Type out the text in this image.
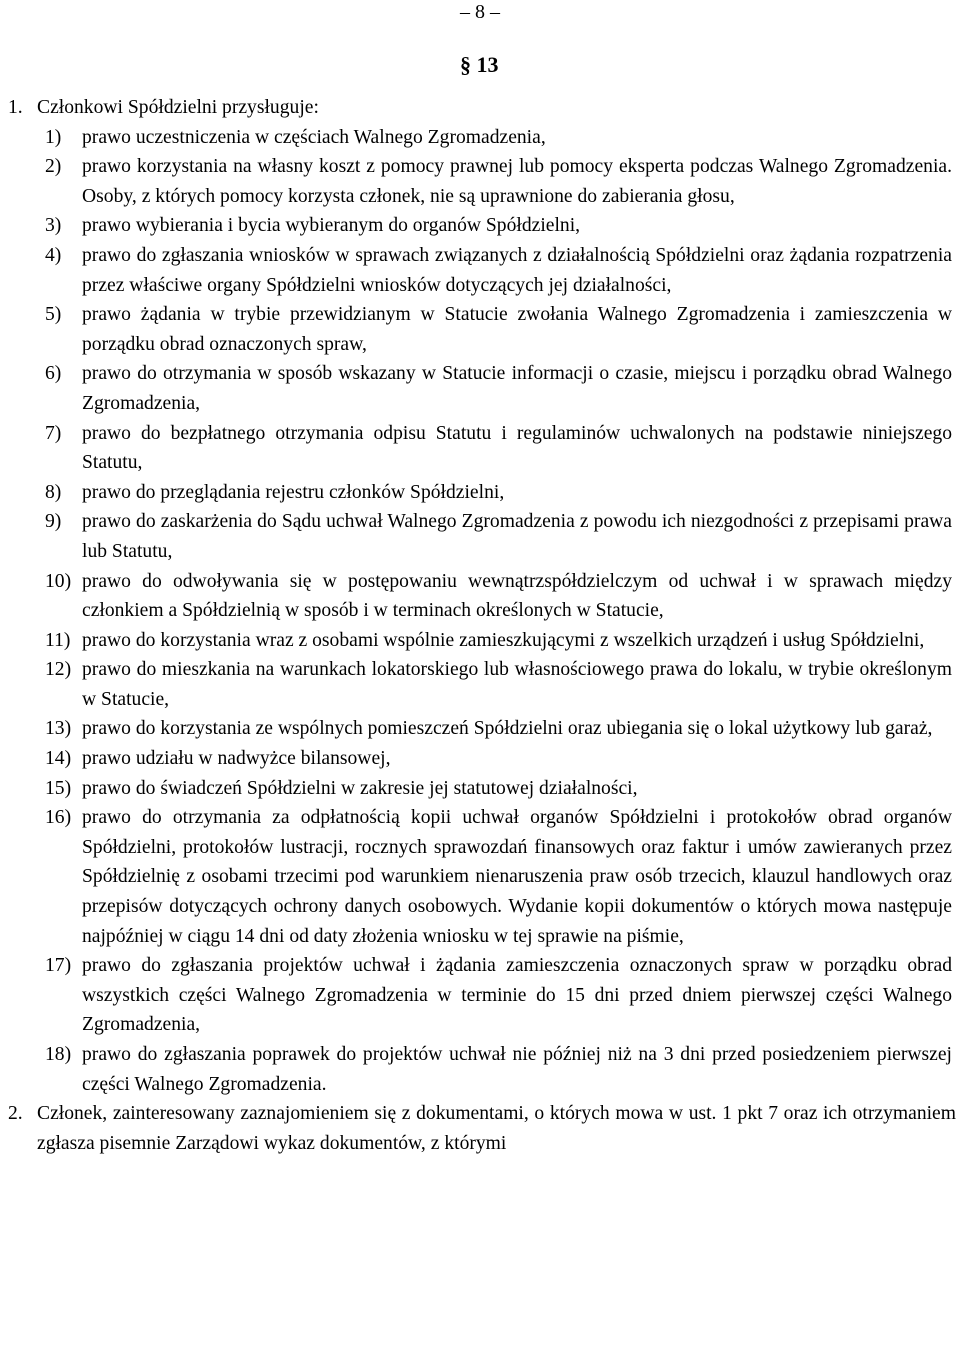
– 8 –
§ 13
1. Członkowi Spółdzielni przysługuje:
1)	prawo uczestniczenia w częściach Walnego Zgromadzenia,
2)	prawo korzystania na własny koszt z pomocy prawnej lub pomocy eksperta podczas Walnego Zgromadzenia. Osoby, z których pomocy korzysta członek, nie są uprawnione do zabierania głosu,
3)	prawo wybierania i bycia wybieranym do organów Spółdzielni,
4)	prawo do zgłaszania wniosków w sprawach związanych z działalnością Spółdzielni oraz żądania rozpatrzenia przez właściwe organy Spółdzielni wniosków dotyczących jej działalności,
5)	prawo żądania w trybie przewidzianym w Statucie zwołania Walnego Zgromadzenia i zamieszczenia w porządku obrad oznaczonych spraw,
6)	prawo do otrzymania w sposób wskazany w Statucie informacji o czasie, miejscu i porządku obrad Walnego Zgromadzenia,
7)	prawo do bezpłatnego otrzymania odpisu Statutu i regulaminów uchwalonych na podstawie niniejszego Statutu,
8)	prawo do przeglądania rejestru członków Spółdzielni,
9)	prawo do zaskarżenia do Sądu uchwał Walnego Zgromadzenia z powodu ich niezgodności z przepisami prawa lub Statutu,
10) prawo do odwoływania się w postępowaniu wewnątrzspółdzielczym od uchwał i w sprawach między członkiem a Spółdzielnią w sposób i w terminach określonych w Statucie,
11) prawo do korzystania wraz z osobami wspólnie zamieszkującymi z wszelkich urządzeń i usług Spółdzielni,
12) prawo do mieszkania na warunkach lokatorskiego lub własnościowego prawa do lokalu, w trybie określonym w Statucie,
13) prawo do korzystania ze wspólnych pomieszczeń Spółdzielni oraz ubiegania się o lokal użytkowy lub garaż,
14) prawo udziału w nadwyżce bilansowej,
15) prawo do świadczeń Spółdzielni w zakresie jej statutowej działalności,
16) prawo do otrzymania za odpłatnością kopii uchwał organów Spółdzielni i protokołów obrad organów Spółdzielni, protokołów lustracji, rocznych sprawozdań finansowych oraz faktur i umów zawieranych przez Spółdzielnię z osobami trzecimi pod warunkiem nienaruszenia praw osób trzecich, klauzul handlowych oraz przepisów dotyczących ochrony danych osobowych. Wydanie kopii dokumentów o których mowa następuje najpóźniej w ciągu 14 dni od daty złożenia wniosku w tej sprawie na piśmie,
17) prawo do zgłaszania projektów uchwał i żądania zamieszczenia oznaczonych spraw w porządku obrad wszystkich części Walnego Zgromadzenia w terminie do 15 dni przed dniem pierwszej części Walnego Zgromadzenia,
18) prawo do zgłaszania poprawek do projektów uchwał nie później niż na 3 dni przed posiedzeniem pierwszej części Walnego Zgromadzenia.
2. Członek, zainteresowany zaznajomieniem się z dokumentami, o których mowa w ust. 1 pkt 7 oraz ich otrzymaniem zgłasza pisemnie Zarządowi wykaz dokumentów, z którymi
